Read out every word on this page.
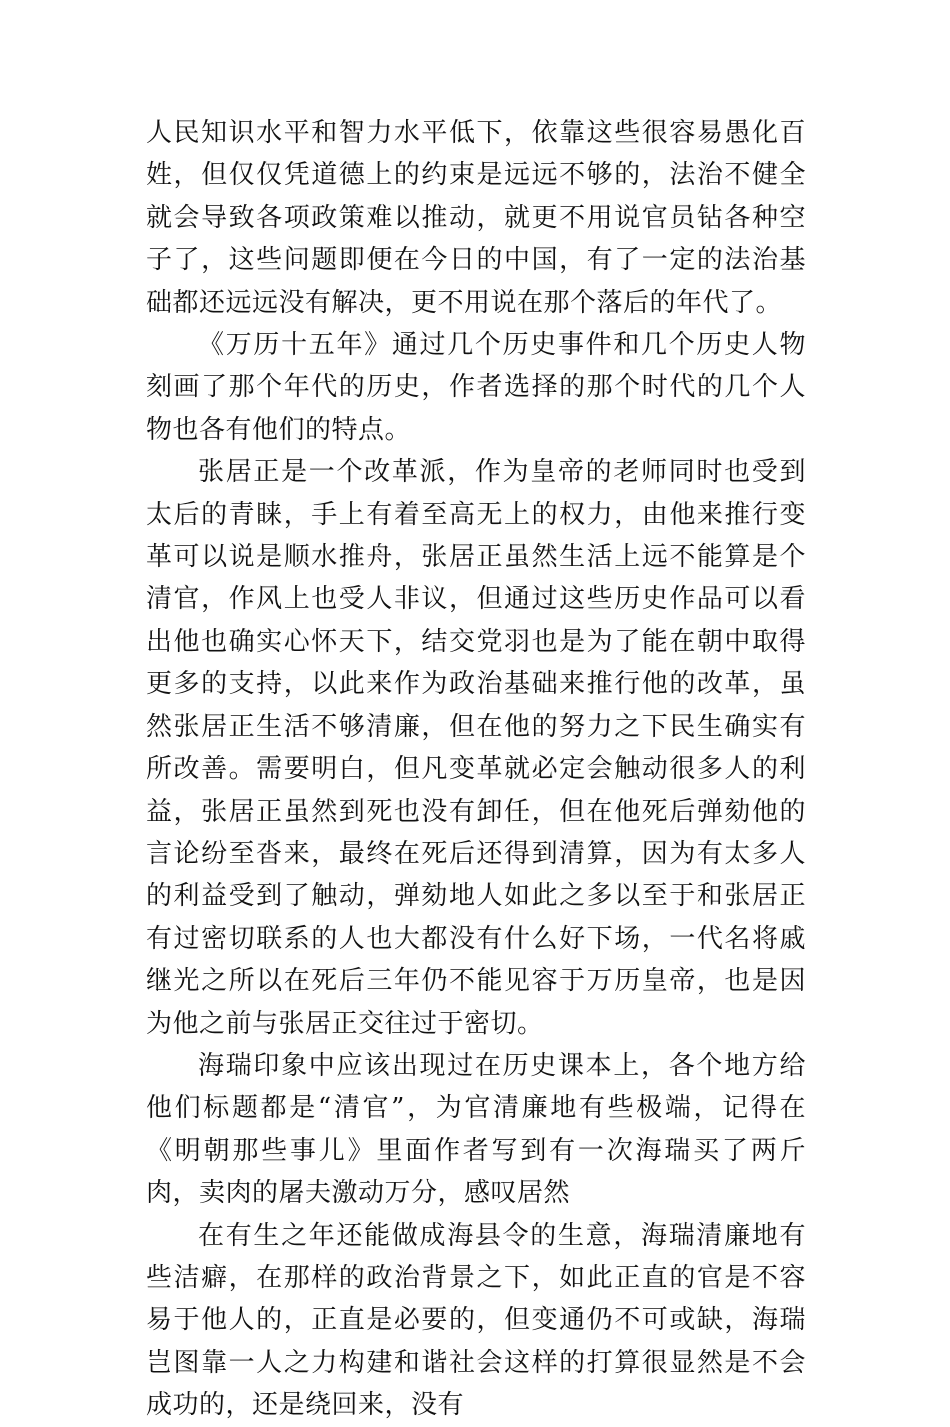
人民知识水平和智力水平低下，依靠这些很容易愚化百姓，但仅仅凭道德上的约束是远远不够的，法治不健全就会导致各项政策难以推动，就更不用说官员钻各种空子了，这些问题即便在今日的中国，有了一定的法治基础都还远远没有解决，更不用说在那个落后的年代了。

《万历十五年》通过几个历史事件和几个历史人物刻画了那个年代的历史，作者选择的那个时代的几个人物也各有他们的特点。

张居正是一个改革派，作为皇帝的老师同时也受到太后的青睐，手上有着至高无上的权力，由他来推行变革可以说是顺水推舟，张居正虽然生活上远不能算是个清官，作风上也受人非议，但通过这些历史作品可以看出他也确实心怀天下，结交党羽也是为了能在朝中取得更多的支持，以此来作为政治基础来推行他的改革，虽然张居正生活不够清廉，但在他的努力之下民生确实有所改善。需要明白，但凡变革就必定会触动很多人的利益，张居正虽然到死也没有卸任，但在他死后弹劾他的言论纷至沓来，最终在死后还得到清算，因为有太多人的利益受到了触动，弹劾地人如此之多以至于和张居正有过密切联系的人也大都没有什么好下场，一代名将戚继光之所以在死后三年仍不能见容于万历皇帝，也是因为他之前与张居正交往过于密切。

海瑞印象中应该出现过在历史课本上，各个地方给他们标题都是“清官”，为官清廉地有些极端，记得在《明朝那些事儿》里面作者写到有一次海瑞买了两斤肉，卖肉的屠夫激动万分，感叹居然

在有生之年还能做成海县令的生意，海瑞清廉地有些洁癖，在那样的政治背景之下，如此正直的官是不容易于他人的，正直是必要的，但变通仍不可或缺，海瑞岂图靠一人之力构建和谐社会这样的打算很显然是不会成功的，还是绕回来，没有
